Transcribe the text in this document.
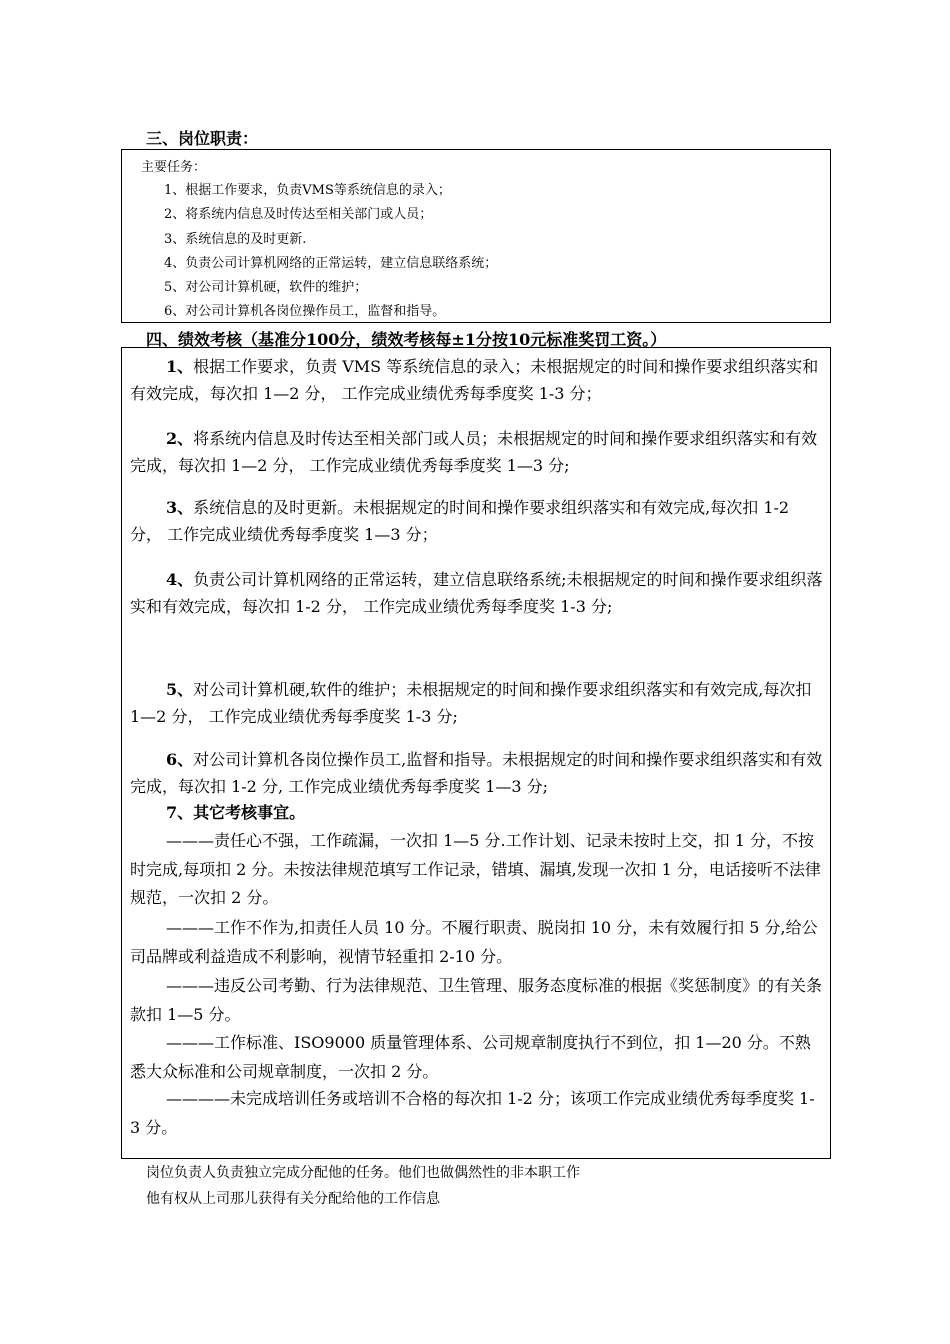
三、岗位职责：
主要任务：
1、根据工作要求，负责VMS等系统信息的录入；
2、将系统内信息及时传达至相关部门或人员；
3、系统信息的及时更新.
4、负责公司计算机网络的正常运转，建立信息联络系统；
5、对公司计算机硬，软件的维护；
6、对公司计算机各岗位操作员工，监督和指导。
四、绩效考核（基准分100分，绩效考核每±1分按10元标准奖罚工资。）
1、根据工作要求，负责 VMS 等系统信息的录入；未根据规定的时间和操作要求组织落实和有效完成，每次扣 1—2 分， 工作完成业绩优秀每季度奖 1-3 分；
2、将系统内信息及时传达至相关部门或人员；未根据规定的时间和操作要求组织落实和有效完成，每次扣 1—2 分， 工作完成业绩优秀每季度奖 1—3 分;
3、系统信息的及时更新。未根据规定的时间和操作要求组织落实和有效完成,每次扣 1-2 分， 工作完成业绩优秀每季度奖 1—3 分；
4、负责公司计算机网络的正常运转，建立信息联络系统;未根据规定的时间和操作要求组织落实和有效完成，每次扣 1-2 分， 工作完成业绩优秀每季度奖 1-3 分;
5、对公司计算机硬,软件的维护；未根据规定的时间和操作要求组织落实和有效完成,每次扣 1—2 分， 工作完成业绩优秀每季度奖 1-3 分;
6、对公司计算机各岗位操作员工,监督和指导。未根据规定的时间和操作要求组织落实和有效完成，每次扣 1-2 分, 工作完成业绩优秀每季度奖 1—3 分;
7、其它考核事宜。
———责任心不强，工作疏漏，一次扣 1—5 分.工作计划、记录未按时上交，扣 1 分，不按时完成,每项扣 2 分。未按法律规范填写工作记录，错填、漏填,发现一次扣 1 分，电话接听不法律规范，一次扣 2 分。
———工作不作为,扣责任人员 10 分。不履行职责、脱岗扣 10 分，未有效履行扣 5 分,给公司品牌或利益造成不利影响，视情节轻重扣 2-10 分。
———违反公司考勤、行为法律规范、卫生管理、服务态度标准的根据《奖惩制度》的有关条款扣 1—5 分。
———工作标准、ISO9000 质量管理体系、公司规章制度执行不到位，扣 1—20 分。不熟悉大众标准和公司规章制度，一次扣 2 分。
————未完成培训任务或培训不合格的每次扣 1-2 分；该项工作完成业绩优秀每季度奖 1-3 分。
岗位负责人负责独立完成分配他的任务。他们也做偶然性的非本职工作
他有权从上司那儿获得有关分配给他的工作信息
